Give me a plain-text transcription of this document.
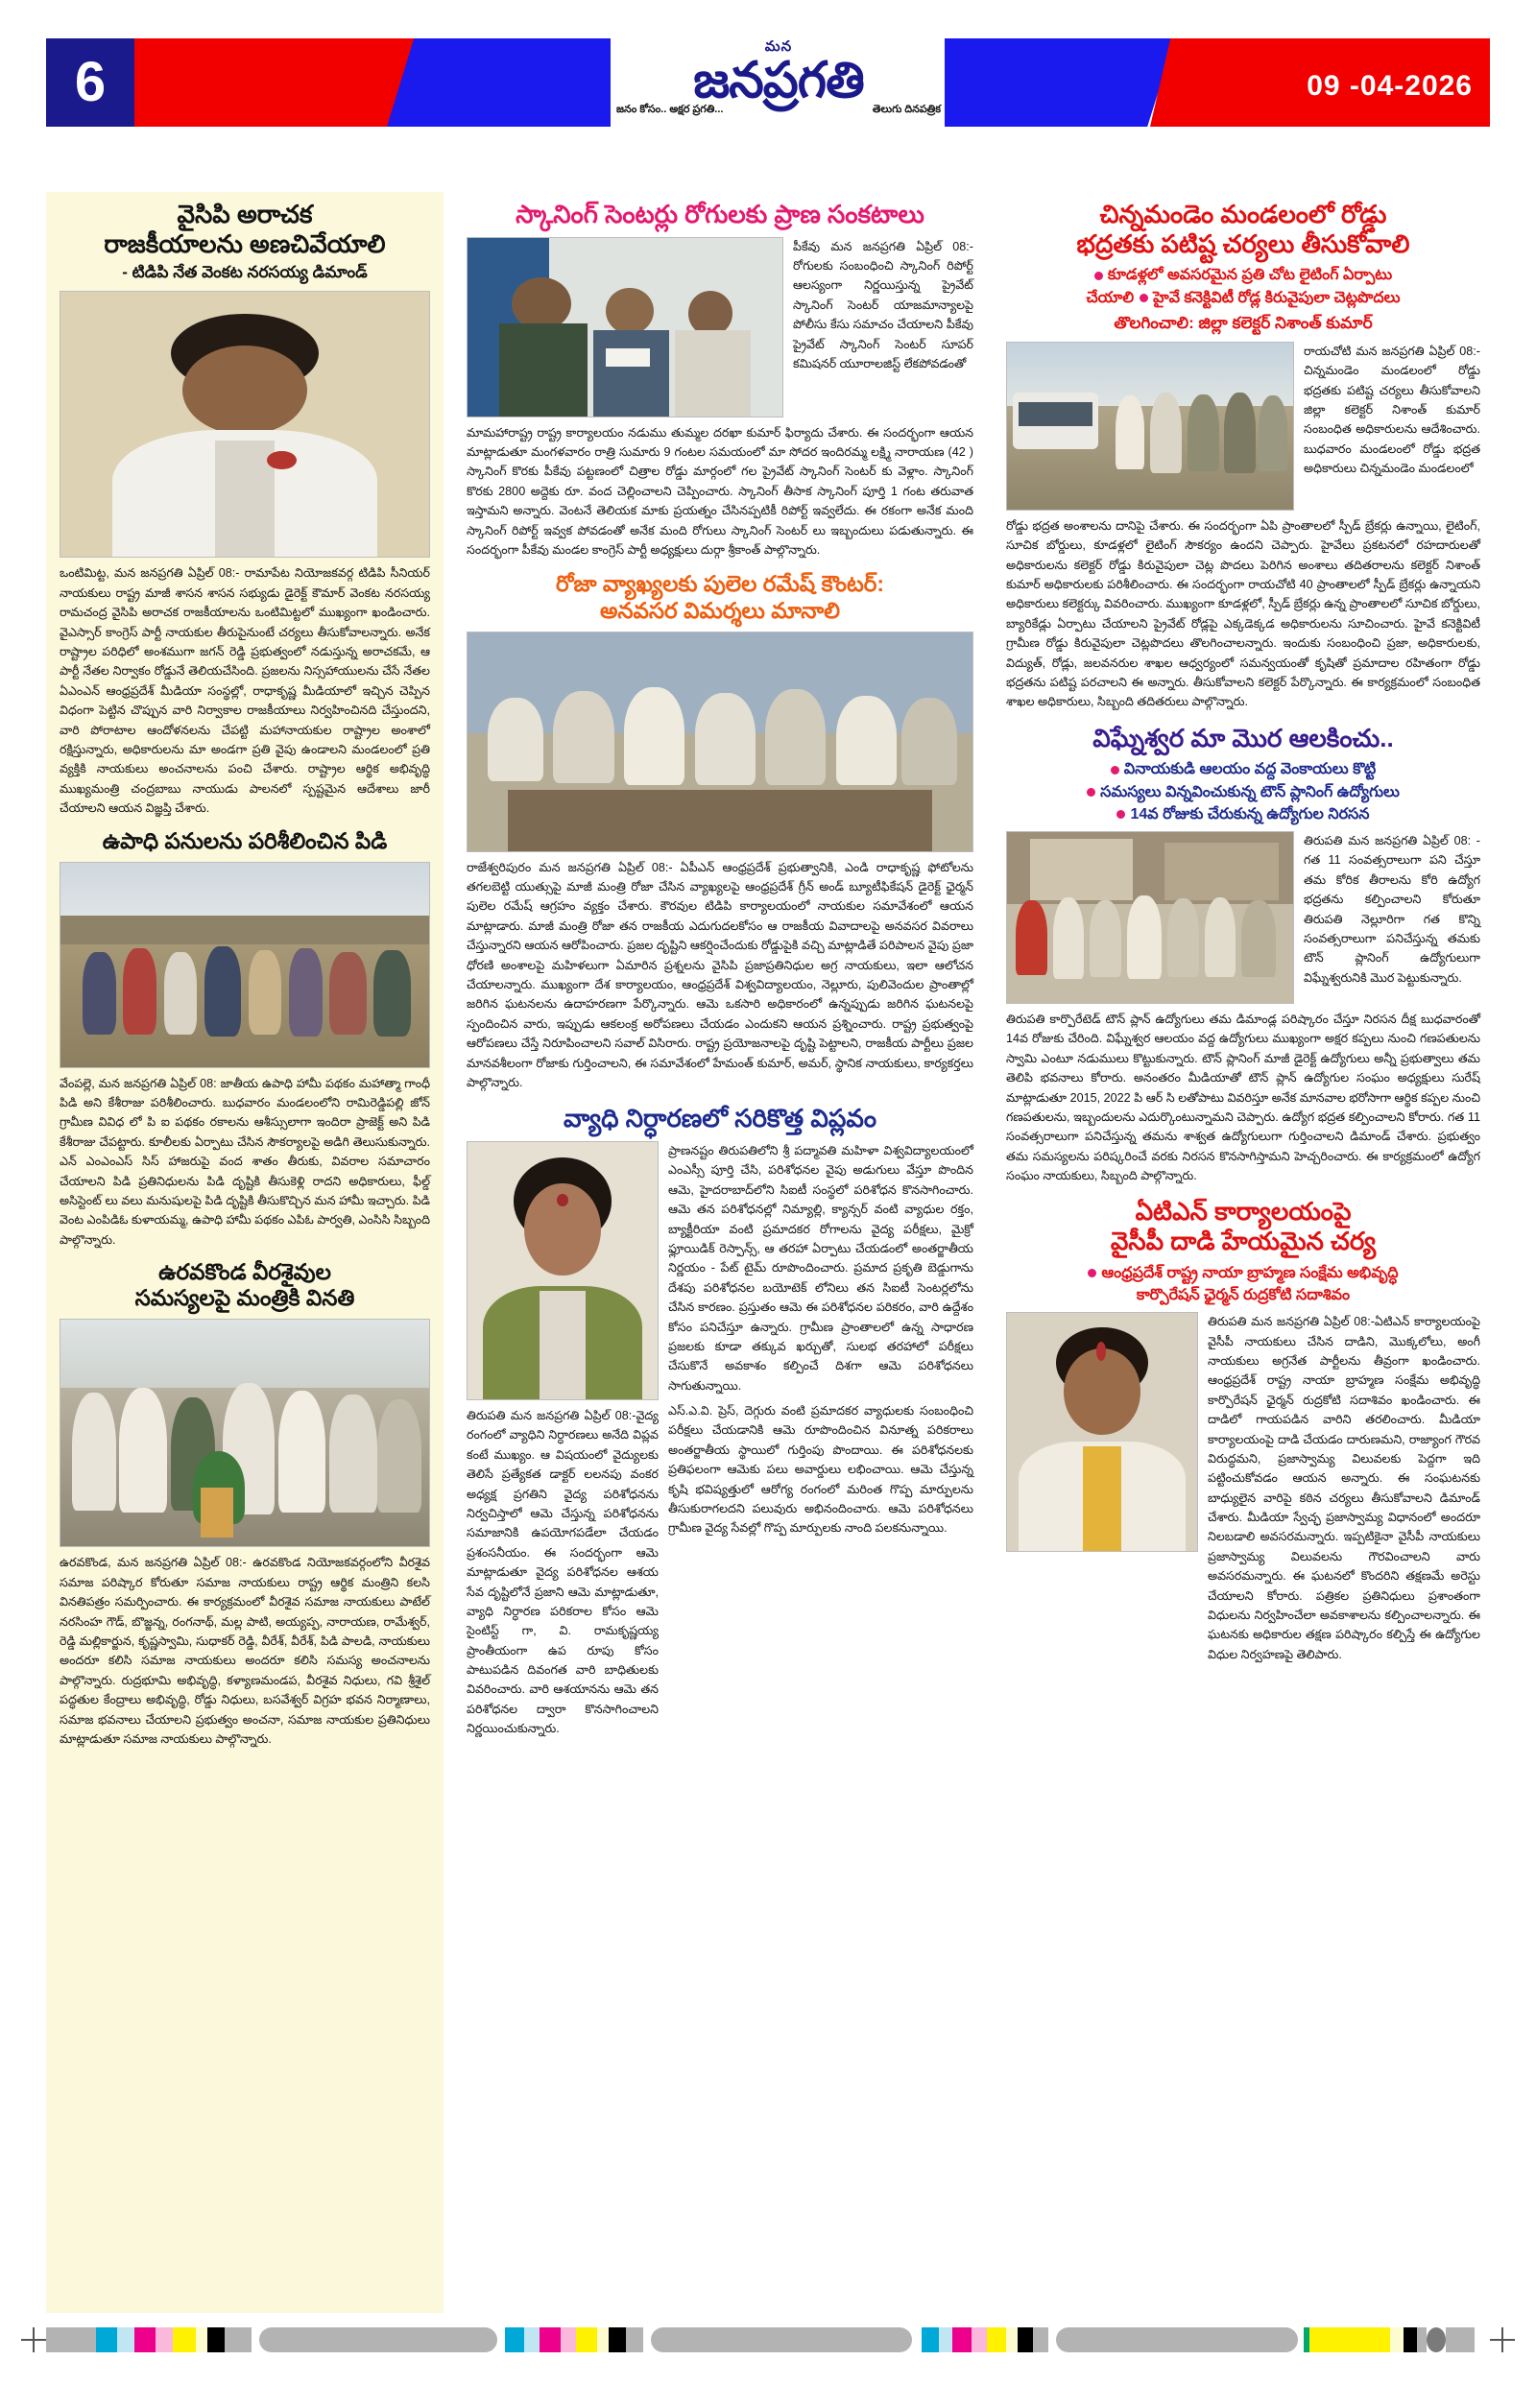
6
మన
జనప్రగతి
జనం కోసం.. అక్షర ప్రగతి...	తెలుగు దినపత్రిక
09 -04-2026
వైసిపి అరాచక
రాజకీయాలను అణచివేయాలి
- టిడిపి నేత వెంకట నరసయ్య డిమాండ్
ఒంటిమిట్ట, మన జనప్రగతి ఏప్రిల్ 08:- రామాపేట నియోజకవర్గ టిడిపి సీనియర్ నాయకులు రాష్ట్ర మాజీ శాసన శాసన సభ్యుడు డైరెక్ట్ కౌమార్ వెంకట నరసయ్య రామచంద్ర వైసిపి అరాచక రాజకీయాలను ఒంటిమిట్టలో ముఖ్యంగా ఖండించారు. వైఎస్సార్ కాంగ్రెస్ పార్టీ నాయకుల తీరుపైనుంటే చర్యలు తీసుకోవాలన్నారు. అనేక రాష్ట్రాల పరిధిలో అంశముగా జగన్ రెడ్డి ప్రభుత్వంలో నడుస్తున్న అరాచకమే, ఆ పార్టీ నేతల నిర్వాకం రోడ్డునే తెలియచేసింది. ప్రజలను నిస్సహాయులను చేసే నేతల ఏఎంఎన్ ఆంధ్రప్రదేశ్ మీడియా సంస్థల్లో, రాధాకృష్ణ మీడియాలో ఇచ్చిన చెప్పిన విధంగా పెట్టిన చొప్పున వారి నిర్వాకాల రాజకీయాలు నిర్వహించినది చేస్తుందని, వారి పోరాటాల ఆందోళనలను చేపట్టి మహానాయకుల రాష్ట్రాల అంశాలో రక్షిస్తున్నారు, అధికారులను మా అండగా ప్రతి వైపు ఉండాలని మండలంలో ప్రతి వ్యక్తికి నాయకులు అంచనాలను పంచి చేశారు. రాష్ట్రాల ఆర్థిక అభివృద్ధి ముఖ్యమంత్రి చంద్రబాబు నాయుడు పాలనలో స్పష్టమైన ఆదేశాలు జారీ చేయాలని ఆయన విజ్ఞప్తి చేశారు.
ఉపాధి పనులను పరిశీలించిన పిడి
వేంపల్లె, మన జనప్రగతి ఏప్రిల్ 08: జాతీయ ఉపాధి హామీ పథకం మహాత్మా గాంధీ పిడి అని కేశీరాజు పరిశీలించారు. బుధవారం మండలంలోని రామిరెడ్డిపల్లి జోన్ గ్రామీణ వివిధ లో పి ఐ పథకం రకాలను ఆశీస్సులాగా ఇందిరా ప్రాజెక్ట్ అని పిడి కేశీరాజు చేపట్టారు. కూలీలకు ఏర్పాటు చేసిన సౌకర్యాలపై అడిగి తెలుసుకున్నారు. ఎన్ ఎంఎంఎస్ సిస్ హాజరుపై వంద శాతం తీరుకు, వివరాల సమాచారం చేయాలని పిడి ప్రతినిధులను పిడి దృష్టికి తీసుకెళ్లి రాదని అధికారులు, ఫీల్డ్ అసిస్టెంట్ లు వలు మనుషులపై పిడి దృష్టికి తీసుకొచ్చిన మన హామీ ఇచ్చారు. పిడి వెంట ఎంపిడిఓ కుళాయమ్మ, ఉపాధి హామీ పథకం ఎపిఓ పార్వతి, ఎంసిసి సిబ్బంది పాల్గొన్నారు.
ఉరవకొండ వీరశైవుల
సమస్యలపై మంత్రికి వినతి
ఉరవకొండ, మన జనప్రగతి ఏప్రిల్ 08:- ఉరవకొండ నియోజకవర్గంలోని వీరశైవ సమాజ పరిష్కార కోరుతూ సమాజ నాయకులు రాష్ట్ర ఆర్థిక మంత్రిని కలసి వినతిపత్రం సమర్పించారు. ఈ కార్యక్రమంలో వీరశైవ సమాజ నాయకులు పాటేల్ నరసింహ గౌడ్, బొజ్జన్న, రంగనాథ్, మల్ల పాటి, అయ్యప్ప, నారాయణ, రామేశ్వర్, రెడ్డి మల్లికార్జున, కృష్ణస్వామి, సుధాకర్ రెడ్డి, వీరేశ్, వీరేశ్, పిడి పాలడి, నాయకులు అందరూ కలిసి సమాజ నాయకులు అందరూ కలిసి సమస్య అంచనాలను పాల్గొన్నారు. రుద్రభూమి అభివృద్ధి, కళ్యాణమండప, వీరశైవ నిధులు, గవి శ్రీశైల్ పద్ధతుల కేంద్రాలు అభివృద్ధి, రోడ్డు నిధులు, బసవేశ్వర్ విగ్రహ భవన నిర్మాణాలు, సమాజ భవనాలు చేయాలని ప్రభుత్వం అంచనా, సమాజ నాయకుల ప్రతినిధులు మాట్లాడుతూ సమాజ నాయకులు పాల్గొన్నారు.
స్కానింగ్ సెంటర్లు రోగులకు ప్రాణ సంకటాలు
పీకేవు మన జనప్రగతి ఏప్రిల్ 08:- రోగులకు సంబంధించి స్కానింగ్ రిపోర్ట్ ఆలస్యంగా నిర్ణయిస్తున్న ప్రైవేట్ స్కానింగ్ సెంటర్ యాజమాన్యాలపై పోలీసు కేసు సమాచం చేయాలని పీకేవు ప్రైవేట్ స్కానింగ్ సెంటర్ సూపర్ కమిషనర్ యూరాలజిస్ట్ లేకపోవడంతో
మామహారాష్ట్ర రాష్ట్ర కార్యాలయం నడుము తుమ్మల దరఖా కుమార్ ఫిర్యాదు చేశారు. ఈ సందర్భంగా ఆయన మాట్లాడుతూ మంగళవారం రాత్రి సుమారు 9 గంటల సమయంలో మా సోదర ఇందిరమ్మ లక్ష్మి నారాయణ (42 ) స్కానింగ్ కొరకు పీకేవు పట్టణంలో చిత్రాల రోడ్డు మార్గంలో గల ప్రైవేట్ స్కానింగ్ సెంటర్ కు వెళ్లాం. స్కానింగ్ కొరకు 2800 అద్దెకు రూ. వంద చెల్లించాలని చెప్పించారు. స్కానింగ్ తీసాక స్కానింగ్ పూర్తి 1 గంట తరువాత ఇస్తామని అన్నారు. వెంటనే తెలియక మాకు ప్రయత్నం చేసినప్పటికీ రిపోర్ట్ ఇవ్వలేదు. ఈ రకంగా అనేక మంది స్కానింగ్ రిపోర్ట్ ఇవ్వక పోవడంతో అనేక మంది రోగులు స్కానింగ్ సెంటర్ లు ఇబ్బందులు పడుతున్నారు. ఈ సందర్భంగా పీకేవు మండల కాంగ్రెస్ పార్టీ అధ్యక్షులు దుర్గా శ్రీకాంత్ పాల్గొన్నారు.
రోజా వ్యాఖ్యలకు పులెల రమేష్ కౌంటర్:
అనవసర విమర్శలు మానాలి
రాజేశ్వరిపురం మన జనప్రగతి ఏప్రిల్ 08:- ఏపీఎన్ ఆంధ్రప్రదేశ్ ప్రభుత్వానికి, ఎండి రాధాకృష్ణ ఫోటోలను తగలబెట్టి యుత్సుపై మాజీ మంత్రి రోజా చేసిన వ్యాఖ్యలపై ఆంధ్రప్రదేశ్ గ్రీన్ అండ్ బ్యూటీఫికేషన్ డైరెక్ట్ ఛైర్మన్ పులెల రమేష్ ఆగ్రహం వ్యక్తం చేశారు. కౌరవుల టిడిపి కార్యాలయంలో నాయకుల సమావేశంలో ఆయన మాట్లాడారు. మాజీ మంత్రి రోజా తన రాజకీయ ఎదుగుదలకోసం ఆ రాజకీయ వివాదాలపై అనవసర వివరాలు చేస్తున్నారని ఆయన ఆరోపించారు. ప్రజల దృష్టిని ఆకర్షించేందుకు రోడ్డుపైకి వచ్చి మాట్లాడితే పరిపాలన వైపు ప్రజా ధోరణి అంశాలపై మహిళలుగా ఏమారిన ప్రశ్నలను వైసిపి ప్రజాప్రతినిధుల అగ్ర నాయకులు, ఇలా ఆలోచన చేయాలన్నారు. ముఖ్యంగా దేశ కార్యాలయం, ఆంధ్రప్రదేశ్ విశ్వవిద్యాలయం, నెల్లూరు, పులివెందుల ప్రాంతాల్లో జరిగిన ఘటనలను ఉదాహరణగా పేర్కొన్నారు. ఆమె ఒకసారి అధికారంలో ఉన్నప్పుడు జరిగిన ఘటనలపై స్పందించిన వారు, ఇప్పుడు ఆకలంక్ర అరోపణలు చేయడం ఎందుకని ఆయన ప్రశ్నించారు. రాష్ట్ర ప్రభుత్వంపై ఆరోపణలు చేస్తే నిరూపించాలని సవాల్ విసిరారు. రాష్ట్ర ప్రయోజనాలపై దృష్టి పెట్టాలని, రాజకీయ పార్టీలు ప్రజల మానవశీలంగా రోజాకు గుర్తించాలని, ఈ సమావేశంలో హేమంత్ కుమార్, అమర్, స్థానిక నాయకులు, కార్యకర్తలు పాల్గొన్నారు.
వ్యాధి నిర్ధారణలో సరికొత్త విప్లవం
తిరుపతి మన జనప్రగతి ఏప్రిల్ 08:-వైద్య రంగంలో వ్యాధిని నిర్ధారణలు అనేది విప్లవ కంటే ముఖ్యం. ఆ విషయంలో వైద్యులకు తెలిసే ప్రత్యేకత డాక్టర్ లలనపు వంకర అధ్యక్ష ప్రగతిని వైద్య పరిశోధనను నిర్వచిస్తాలో ఆమె చేస్తున్న పరిశోధనను సమాజానికి ఉపయోగపడేలా చేయడం ప్రశంసనీయం. ఈ సందర్భంగా ఆమె మాట్లాడుతూ వైద్య పరిశోధనల ఆశయ సేవ దృష్టిలోనే ప్రజాని ఆమె మాట్లాడుతూ, వ్యాధి నిర్ధారణ పరికరాల కోసం ఆమె సైంటిస్ట్ గా, వి. రామకృష్ణయ్య ప్రాంతీయంగా ఉప రూపు కోసం పాటుపడిన దివంగత వారి బాధితులకు వివరించారు. వారి ఆశయానను ఆమె తన పరిశోధనల ద్వారా కొనసాగించాలని నిర్ణయించుకున్నారు.
ప్రాణనష్టం తిరుపతిలోని శ్రీ పద్మావతి మహిళా విశ్వవిద్యాలయంలో ఎంఎస్సీ పూర్తి చేసి, పరిశోధనల వైపు అడుగులు వేస్తూ పొందిన ఆమె, హైదరాబాద్‌లోని సిఐటీ సంస్థలో పరిశోధన కొనసాగించారు. ఆమె తన పరిశోధనల్లో నిమ్యాల్లి, క్యాన్సర్ వంటి వ్యాధుల రక్తం, బ్యాక్టీరియా వంటి ప్రమాదకర రోగాలను వైద్య పరీక్షలు, మైక్రో ఫ్లూయిడిక్ రెస్పాన్స్, ఆ తరహా ఏర్పాటు చేయడంలో అంతర్జాతీయ నిర్ణయం - పేట్ టైమ్ రూపొందించారు. ప్రమాద ప్రకృతి బెడ్డుగాను దేశపు పరిశోధనల బయోటెక్ లోనిలు తన సిఐటీ సెంటర్లలోను చేసిన కారణం. ప్రస్తుతం ఆమె ఈ పరిశోధనల పరికరం, వారి ఉద్దేశం కోసం పనిచేస్తూ ఉన్నారు. గ్రామీణ ప్రాంతాలలో ఉన్న సాధారణ ప్రజలకు కూడా తక్కువ ఖర్చుతో, సులభ తరహాలో పరీక్షలు చేసుకొనే అవకాశం కల్పించే దిశగా ఆమె పరిశోధనలు సాగుతున్నాయి.
ఎస్.ఎ.వి. ప్రెస్, దెగ్గురు వంటి ప్రమాదకర వ్యాధులకు సంబంధించి పరీక్షలు చేయడానికి ఆమె రూపొందించిన వినూత్న పరికరాలు అంతర్జాతీయ స్థాయిలో గుర్తింపు పొందాయి. ఈ పరిశోధనలకు ప్రతిఫలంగా ఆమెకు పలు అవార్డులు లభించాయి. ఆమె చేస్తున్న కృషి భవిష్యత్తులో ఆరోగ్య రంగంలో మరింత గొప్ప మార్పులను తీసుకురాగలదని పలువురు అభినందించారు. ఆమె పరిశోధనలు గ్రామీణ వైద్య సేవల్లో గొప్ప మార్పులకు నాంది పలకనున్నాయి.
చిన్నమండెం మండలంలో రోడ్డు
భద్రతకు పటిష్ట చర్యలు తీసుకోవాలి
కూడళ్లలో అవసరమైన ప్రతి చోట లైటింగ్ ఏర్పాటు
చేయాలి హైవే కనెక్టివిటీ రోడ్ల కిరువైపులా చెట్లపొదలు
తొలగించాలి: జిల్లా కలెక్టర్ నిశాంత్ కుమార్
రాయచోటి మన జనప్రగతి ఏప్రిల్ 08:- చిన్నమండెం మండలంలో రోడ్డు భద్రతకు పటిష్ట చర్యలు తీసుకోవాలని జిల్లా కలెక్టర్ నిశాంత్ కుమార్ సంబంధిత అధికారులను ఆదేశించారు. బుధవారం మండలంలో రోడ్డు భద్రత అధికారులు చిన్నమండెం మండలంలో
రోడ్డు భద్రత అంశాలను దానిపై చేశారు. ఈ సందర్భంగా ఏపి ప్రాంతాలలో స్పీడ్ బ్రేకర్లు ఉన్నాయి, లైటింగ్, సూచిక బోర్డులు, కూడళ్లలో లైటింగ్ సౌకర్యం ఉందని చెప్పారు. హైవేలు ప్రకటనలో రహదారులతో అధికారులను కలెక్టర్ రోడ్డు కిరువైపులా చెట్ల పొదలు పెరిగిన అంశాలు తదితరాలను కలెక్టర్ నిశాంత్ కుమార్ అధికారులకు పరిశీలించారు. ఈ సందర్భంగా రాయచోటి 40 ప్రాంతాలలో స్పీడ్ బ్రేకర్లు ఉన్నాయని అధికారులు కలెక్టర్కు వివరించారు. ముఖ్యంగా కూడళ్లలో, స్పీడ్ బ్రేకర్లు ఉన్న ప్రాంతాలలో సూచిక బోర్డులు, బ్యారికేడ్లు ఏర్పాటు చేయాలని ప్రైవేట్ రోడ్లపై ఎక్కడెక్కడ అధికారులను సూచించారు. హైవే కనెక్టివిటీ గ్రామీణ రోడ్డు కిరువైపులా చెట్లపొదలు తొలగించాలన్నారు. ఇందుకు సంబంధించి ప్రజా, అధికారులకు, విద్యుత్, రోడ్లు, జలవనరుల శాఖల ఆధ్వర్యంలో సమన్వయంతో కృషితో ప్రమాదాల రహితంగా రోడ్డు భద్రతను పటిష్ట పరచాలని ఈ అన్నారు. తీసుకోవాలని కలెక్టర్ పేర్కొన్నారు. ఈ కార్యక్రమంలో సంబంధిత శాఖల అధికారులు, సిబ్బంది తదితరులు పాల్గొన్నారు.
విఘ్నేశ్వర మా మొర ఆలకించు..
వినాయకుడి ఆలయం వద్ద వెంకాయలు కొట్టి
సమస్యలు విన్నవించుకున్న టౌన్ ప్లానింగ్ ఉద్యోగులు
14వ రోజుకు చేరుకున్న ఉద్యోగుల నిరసన
తిరుపతి మన జనప్రగతి ఏప్రిల్ 08: - గత 11 సంవత్సరాలుగా పని చేస్తూ తమ కోరిక తీరాలను కోరి ఉద్యోగ భద్రతను కల్పించాలని కోరుతూ తిరుపతి నెల్లూరిగా గత కొన్ని సంవత్సరాలుగా పనిచేస్తున్న తమకు టౌన్ ప్లానింగ్ ఉద్యోగులుగా విఘ్నేశ్వరునికి మొర పెట్టుకున్నారు.
తిరుపతి కార్పొరేటెడ్ టౌన్ ప్లాన్ ఉద్యోగులు తమ డిమాండ్ల పరిష్కారం చేస్తూ నిరసన దీక్ష బుధవారంతో 14వ రోజుకు చేరింది. విఘ్నేశ్వర ఆలయం వద్ద ఉద్యోగులు ముఖ్యంగా అక్షర కప్పలు నుంచి గణపతులను స్వామి ఎంటూ నడుములు కొట్టుకున్నారు. టౌన్ ప్లానింగ్ మాజీ డైరెక్ట్ ఉద్యోగులు అన్నీ ప్రభుత్వాలు తమ తెలిపి భవనాలు కోరారు. అనంతరం మీడియాతో టౌన్ ప్లాన్ ఉద్యోగుల సంఘం అధ్యక్షులు సురేష్ మాట్లాడుతూ 2015, 2022 పి ఆర్ సి లతోపాటు వివరిస్తూ అనేక మానవాల భరోసాగా ఆర్థిక కప్పల నుంచి గణపతులను, ఇబ్బందులను ఎదుర్కొంటున్నామని చెప్పారు. ఉద్యోగ భద్రత కల్పించాలని కోరారు. గత 11 సంవత్సరాలుగా పనిచేస్తున్న తమను శాశ్వత ఉద్యోగులుగా గుర్తించాలని డిమాండ్ చేశారు. ప్రభుత్వం తమ సమస్యలను పరిష్కరించే వరకు నిరసన కొనసాగిస్తామని హెచ్చరించారు. ఈ కార్యక్రమంలో ఉద్యోగ సంఘం నాయకులు, సిబ్బంది పాల్గొన్నారు.
ఏటిఎన్ కార్యాలయంపై
వైసీపీ దాడి హేయమైన చర్య
ఆంధ్రప్రదేశ్ రాష్ట్ర నాయా బ్రాహ్మణ సంక్షేమ అభివృద్ధి
కార్పొరేషన్ ఛైర్మన్ రుద్రకోటి సదాశివం
తిరుపతి మన జనప్రగతి ఏప్రిల్ 08:-ఏటిఎన్ కార్యాలయంపై వైసీపీ నాయకులు చేసిన దాడిని, మొక్కలోలు, అంగీ నాయకులు అగ్రనేత పార్టీలను తీవ్రంగా ఖండించారు. ఆంధ్రప్రదేశ్ రాష్ట్ర నాయా బ్రాహ్మణ సంక్షేమ అభివృద్ధి కార్పొరేషన్ ఛైర్మన్ రుద్రకోటి సదాశివం ఖండించారు. ఈ దాడిలో గాయపడిన వారిని తరలించారు. మీడియా కార్యాలయంపై దాడి చేయడం దారుణమని, రాజ్యాంగ గౌరవ విరుద్ధమని, ప్రజాస్వామ్య విలువలకు పెద్దగా ఇది పట్టించుకోవడం ఆయన అన్నారు. ఈ సంఘటనకు బాధ్యులైన వారిపై కఠిన చర్యలు తీసుకోవాలని డిమాండ్ చేశారు. మీడియా స్వేచ్ఛ ప్రజాస్వామ్య విధానంలో అందరూ నిలబడాలి అవసరమన్నారు. ఇప్పటికైనా వైసీపీ నాయకులు ప్రజాస్వామ్య విలువలను గౌరవించాలని వారు అవసరమన్నారు. ఈ ఘటనలో కొందరిని తక్షణమే అరెస్టు చేయాలని కోరారు. పత్రికల ప్రతినిధులు ప్రశాంతంగా విధులను నిర్వహించేలా అవకాశాలను కల్పించాలన్నారు. ఈ ఘటనకు అధికారుల తక్షణ పరిష్కారం కల్పిస్తే ఈ ఉద్యోగుల విధుల నిర్వహణపై తెలిపారు.
